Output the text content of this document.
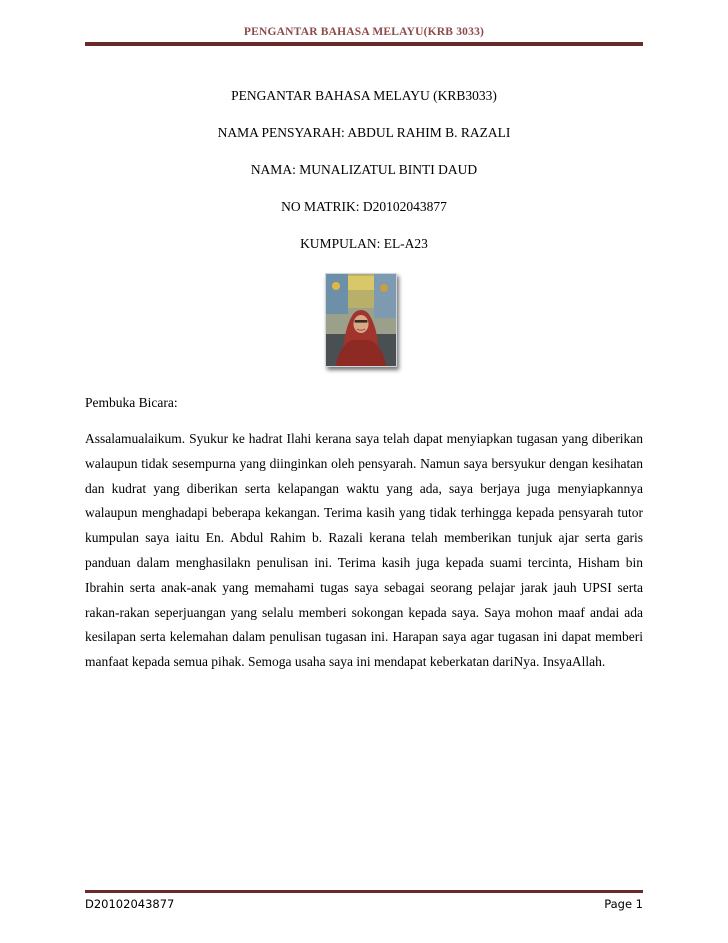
PENGANTAR BAHASA MELAYU(KRB 3033)
PENGANTAR BAHASA MELAYU (KRB3033)
NAMA PENSYARAH: ABDUL RAHIM B. RAZALI
NAMA: MUNALIZATUL BINTI DAUD
NO MATRIK: D20102043877
KUMPULAN: EL-A23
Pembuka Bicara:
Assalamualaikum. Syukur ke hadrat Ilahi kerana saya telah dapat menyiapkan tugasan yang diberikan walaupun tidak sesempurna yang diinginkan oleh pensyarah. Namun saya bersyukur dengan kesihatan dan kudrat yang diberikan serta kelapangan waktu yang ada, saya berjaya juga menyiapkannya walaupun menghadapi beberapa kekangan. Terima kasih yang tidak terhingga kepada pensyarah tutor kumpulan saya iaitu En. Abdul Rahim b. Razali kerana telah memberikan tunjuk ajar serta garis panduan dalam menghasilakn penulisan ini. Terima kasih juga kepada suami tercinta, Hisham bin Ibrahin serta anak-anak yang memahami tugas saya sebagai seorang pelajar jarak jauh UPSI serta rakan-rakan seperjuangan yang selalu memberi sokongan kepada saya. Saya mohon maaf andai ada kesilapan serta kelemahan dalam penulisan tugasan ini. Harapan saya agar tugasan ini dapat memberi manfaat kepada semua pihak. Semoga usaha saya ini mendapat keberkatan dariNya. InsyaAllah.
D20102043877	Page 1
